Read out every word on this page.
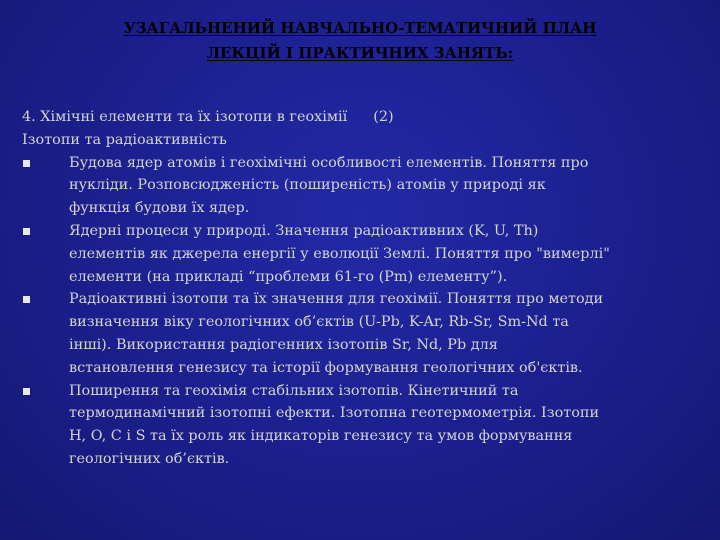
УЗАГАЛЬНЕНИЙ НАВЧАЛЬНО-ТЕМАТИЧНИЙ ПЛАН
ЛЕКЦІЙ І ПРАКТИЧНИХ ЗАНЯТЬ:
4. Хімічні елементи та їх ізотопи в геохімії (2)
Ізотопи та радіоактивність
Будова ядер атомів і геохімічні особливості елементів. Поняття про
нукліди. Розповсюдженість (поширеність) атомів у природі як
функція будови їх ядер.
Ядерні процеси у природі. Значення радіоактивних (K, U, Th)
елементів як джерела енергії у еволюції Землі. Поняття про "вимерлі"
елементи (на прикладі “проблеми 61-го (Pm) елементу”).
Радіоактивні ізотопи та їх значення для геохімії. Поняття про методи
визначення віку геологічних об’єктів (U-Pb, K-Ar, Rb-Sr, Sm-Nd та
інші). Використання радіогенних ізотопів Sr, Nd, Pb для
встановлення генезису та історії формування геологічних об'єктів.
Поширення та геохімія стабільних ізотопів. Кінетичний та
термодинамічний ізотопні ефекти. Ізотопна геотермометрія. Ізотопи
H, O, C і S та їх роль як індикаторів генезису та умов формування
геологічних об’єктів.
